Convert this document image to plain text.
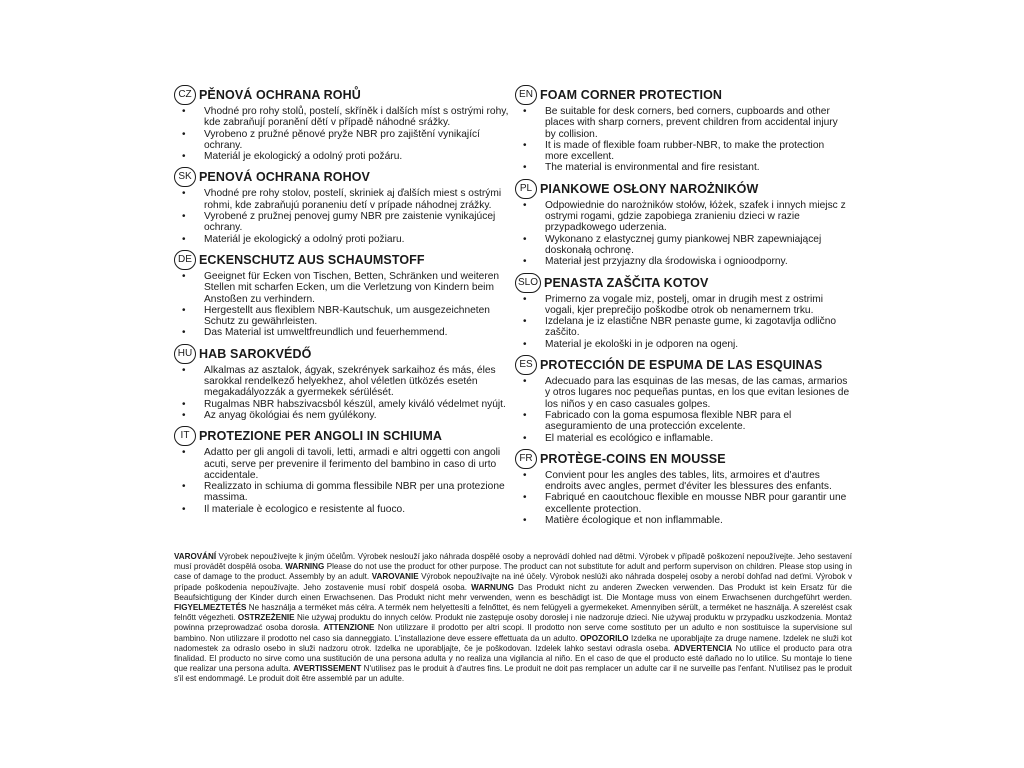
CZ PĚNOVÁ OCHRANA ROHŮ
• Vhodné pro rohy stolů, postelí, skříněk i dalších míst s ostrými rohy, kde zabraňují poranění dětí v případě náhodné srážky.
• Vyrobeno z pružné pěnové pryže NBR pro zajištění vynikající ochrany.
• Materiál je ekologický a odolný proti požáru.
SK PENOVÁ OCHRANA ROHOV
• Vhodné pre rohy stolov, postelí, skriniek aj ďalších miest s ostrými rohmi, kde zabraňujú poraneniu detí v prípade náhodnej zrážky.
• Vyrobené z pružnej penovej gumy NBR pre zaistenie vynikajúcej ochrany.
• Materiál je ekologický a odolný proti požiaru.
DE ECKENSCHUTZ AUS SCHAUMSTOFF
• Geeignet für Ecken von Tischen, Betten, Schränken und weiteren Stellen mit scharfen Ecken, um die Verletzung von Kindern beim Anstoßen zu verhindern.
• Hergestellt aus flexiblem NBR-Kautschuk, um ausgezeichneten Schutz zu gewährleisten.
• Das Material ist umweltfreundlich und feuerhemmend.
HU HAB SAROKVÉDŐ
• Alkalmas az asztalok, ágyak, szekrények sarkaihoz és más, éles sarokkal rendelkező helyekhez, ahol véletlen ütközés esetén megakadályozzák a gyermekek sérülését.
• Rugalmas NBR habszivacsból készül, amely kiváló védelmet nyújt.
• Az anyag ökológiai és nem gyúlékony.
IT PROTEZIONE PER ANGOLI IN SCHIUMA
• Adatto per gli angoli di tavoli, letti, armadi e altri oggetti con angoli acuti, serve per prevenire il ferimento del bambino in caso di urto accidentale.
• Realizzato in schiuma di gomma flessibile NBR per una protezione massima.
• Il materiale è ecologico e resistente al fuoco.
EN FOAM CORNER PROTECTION
• Be suitable for desk corners, bed corners, cupboards and other places with sharp corners, prevent children from accidental injury by collision.
• It is made of flexible foam rubber-NBR, to make the protection more excellent.
• The material is environmental and fire resistant.
PL PIANKOWE OSŁONY NAROŻNIKÓW
• Odpowiednie do narożników stołów, łóżek, szafek i innych miejsc z ostrymi rogami, gdzie zapobiega zranieniu dzieci w razie przypadkowego uderzenia.
• Wykonano z elastycznej gumy piankowej NBR zapewniającej doskonałą ochronę.
• Materiał jest przyjazny dla środowiska i ognioodporny.
SLO PENASTA ZAŠČITA KOTOV
• Primerno za vogale miz, postelj, omar in drugih mest z ostrimi vogali, kjer preprečijo poškodbe otrok ob nenamernem trku.
• Izdelana je iz elastične NBR penaste gume, ki zagotavlja odlično zaščito.
• Material je ekološki in je odporen na ogenj.
ES PROTECCIÓN DE ESPUMA DE LAS ESQUINAS
• Adecuado para las esquinas de las mesas, de las camas, armarios y otros lugares noc pequeñas puntas, en los que evitan lesiones de los niños y en caso casuales golpes.
• Fabricado con la goma espumosa flexible NBR para el aseguramiento de una protección excelente.
• El material es ecológico e inflamable.
FR PROTÈGE-COINS EN MOUSSE
• Convient pour les angles des tables, lits, armoires et d'autres endroits avec angles, permet d'éviter les blessures des enfants.
• Fabriqué en caoutchouc flexible en mousse NBR pour garantir une excellente protection.
• Matière écologique et non inflammable.
VAROVÁNÍ Výrobek nepoužívejte k jiným účelům. Výrobek neslouží jako náhrada dospělé osoby a neprovádí dohled nad dětmi. Výrobek v případě poškození nepoužívejte. Jeho sestavení musí provádět dospělá osoba. WARNING Please do not use the product for other purpose. The product can not substitute for adult and perform supervison on children. Please stop using in case of damage to the product. Assembly by an adult. VAROVANIE Výrobok nepoužívajte na iné účely. Výrobok neslúži ako náhrada dospelej osoby a nerobí dohľad nad deťmi. Výrobok v prípade poškodenia nepoužívajte. Jeho zostavenie musí robiť dospelá osoba. WARNUNG Das Produkt nicht zu anderen Zwecken verwenden. Das Produkt ist kein Ersatz für die Beaufsichtigung der Kinder durch einen Erwachsenen. Das Produkt nicht mehr verwenden, wenn es beschädigt ist. Die Montage muss von einem Erwachsenen durchgeführt werden. FIGYELMEZTETÉS Ne használja a terméket más célra. A termék nem helyettesíti a felnőttet, és nem felügyeli a gyermekeket. Amennyiben sérült, a terméket ne használja. A szerelést csak felnőtt végezheti. OSTRZEŻENIE Nie używaj produktu do innych celów. Produkt nie zastępuje osoby dorosłej i nie nadzoruje dzieci. Nie używaj produktu w przypadku uszkodzenia. Montaż powinna przeprowadzać osoba dorosła. ATTENZIONE Non utilizzare il prodotto per altri scopi. Il prodotto non serve come sostituto per un adulto e non sostituisce la supervisione sul bambino. Non utilizzare il prodotto nel caso sia danneggiato. L'installazione deve essere effettuata da un adulto. OPOZORILO Izdelka ne uporabljajte za druge namene. Izdelek ne služi kot nadomestek za odraslo osebo in služi nadzoru otrok. Izdelka ne uporabljajte, če je poškodovan. Izdelek lahko sestavi odrasla oseba. ADVERTENCIA No utilice el producto para otra finalidad. El producto no sirve como una sustitución de una persona adulta y no realiza una vigilancia al niño. En el caso de que el producto esté dañado no lo utilice. Su montaje lo tiene que realizar una persona adulta. AVERTISSEMENT N'utilisez pas le produit à d'autres fins. Le produit ne doit pas remplacer un adulte car il ne surveille pas l'enfant. N'utilisez pas le produit s'il est endommagé. Le produit doit être assemblé par un adulte.
